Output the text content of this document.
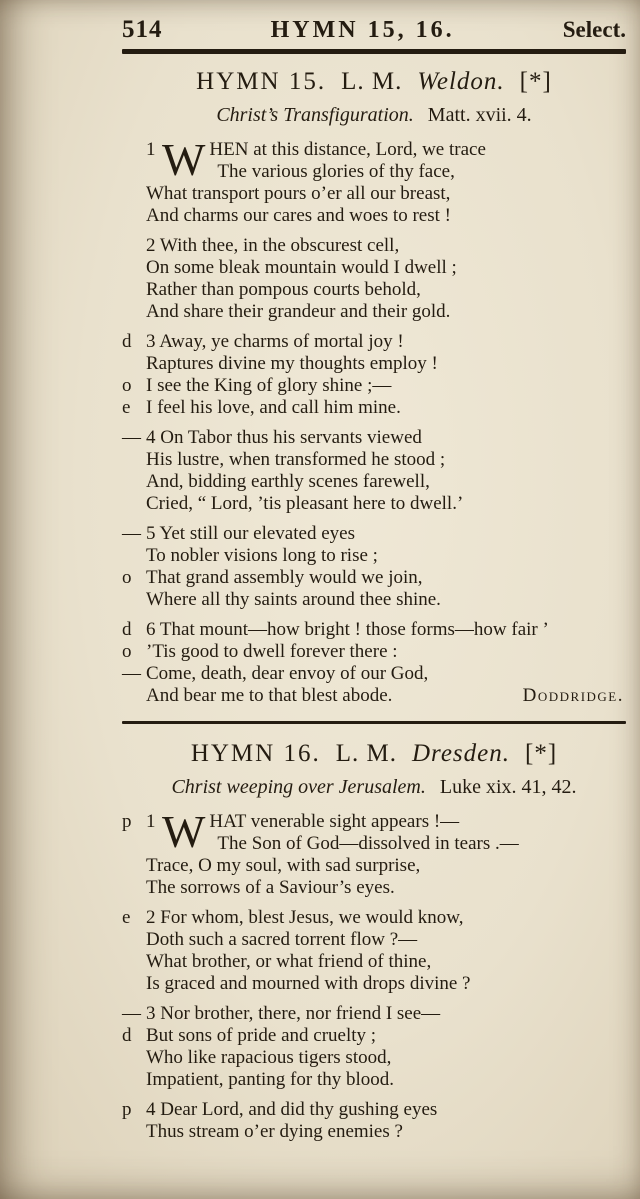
514	HYMN 15, 16.	Select.
HYMN 15. L. M. Weldon. [*]
Christ’s Transfiguration. Matt. xvii. 4.
1 W HEN at this distance, Lord, we trace
The various glories of thy face,
What transport pours o’er all our breast,
And charms our cares and woes to rest !
2 With thee, in the obscurest cell,
On some bleak mountain would I dwell ;
Rather than pompous courts behold,
And share their grandeur and their gold.
d 3 Away, ye charms of mortal joy !
Raptures divine my thoughts employ !
o I see the King of glory shine ;—
e I feel his love, and call him mine.
— 4 On Tabor thus his servants viewed
His lustre, when transformed he stood ;
And, bidding earthly scenes farewell,
Cried, “ Lord, ’tis pleasant here to dwell.’
— 5 Yet still our elevated eyes
To nobler visions long to rise ;
o That grand assembly would we join,
Where all thy saints around thee shine.
d 6 That mount—how bright ! those forms—how fair ’
o ’Tis good to dwell forever there :
— Come, death, dear envoy of our God,
And bear me to that blest abode.	Doddridge.
HYMN 16. L. M. Dresden. [*]
Christ weeping over Jerusalem. Luke xix. 41, 42.
p 1 W HAT venerable sight appears !—
The Son of God—dissolved in tears .—
Trace, O my soul, with sad surprise,
The sorrows of a Saviour’s eyes.
e 2 For whom, blest Jesus, we would know,
Doth such a sacred torrent flow ?—
What brother, or what friend of thine,
Is graced and mourned with drops divine ?
— 3 Nor brother, there, nor friend I see—
d But sons of pride and cruelty ;
Who like rapacious tigers stood,
Impatient, panting for thy blood.
p 4 Dear Lord, and did thy gushing eyes
Thus stream o’er dying enemies ?
